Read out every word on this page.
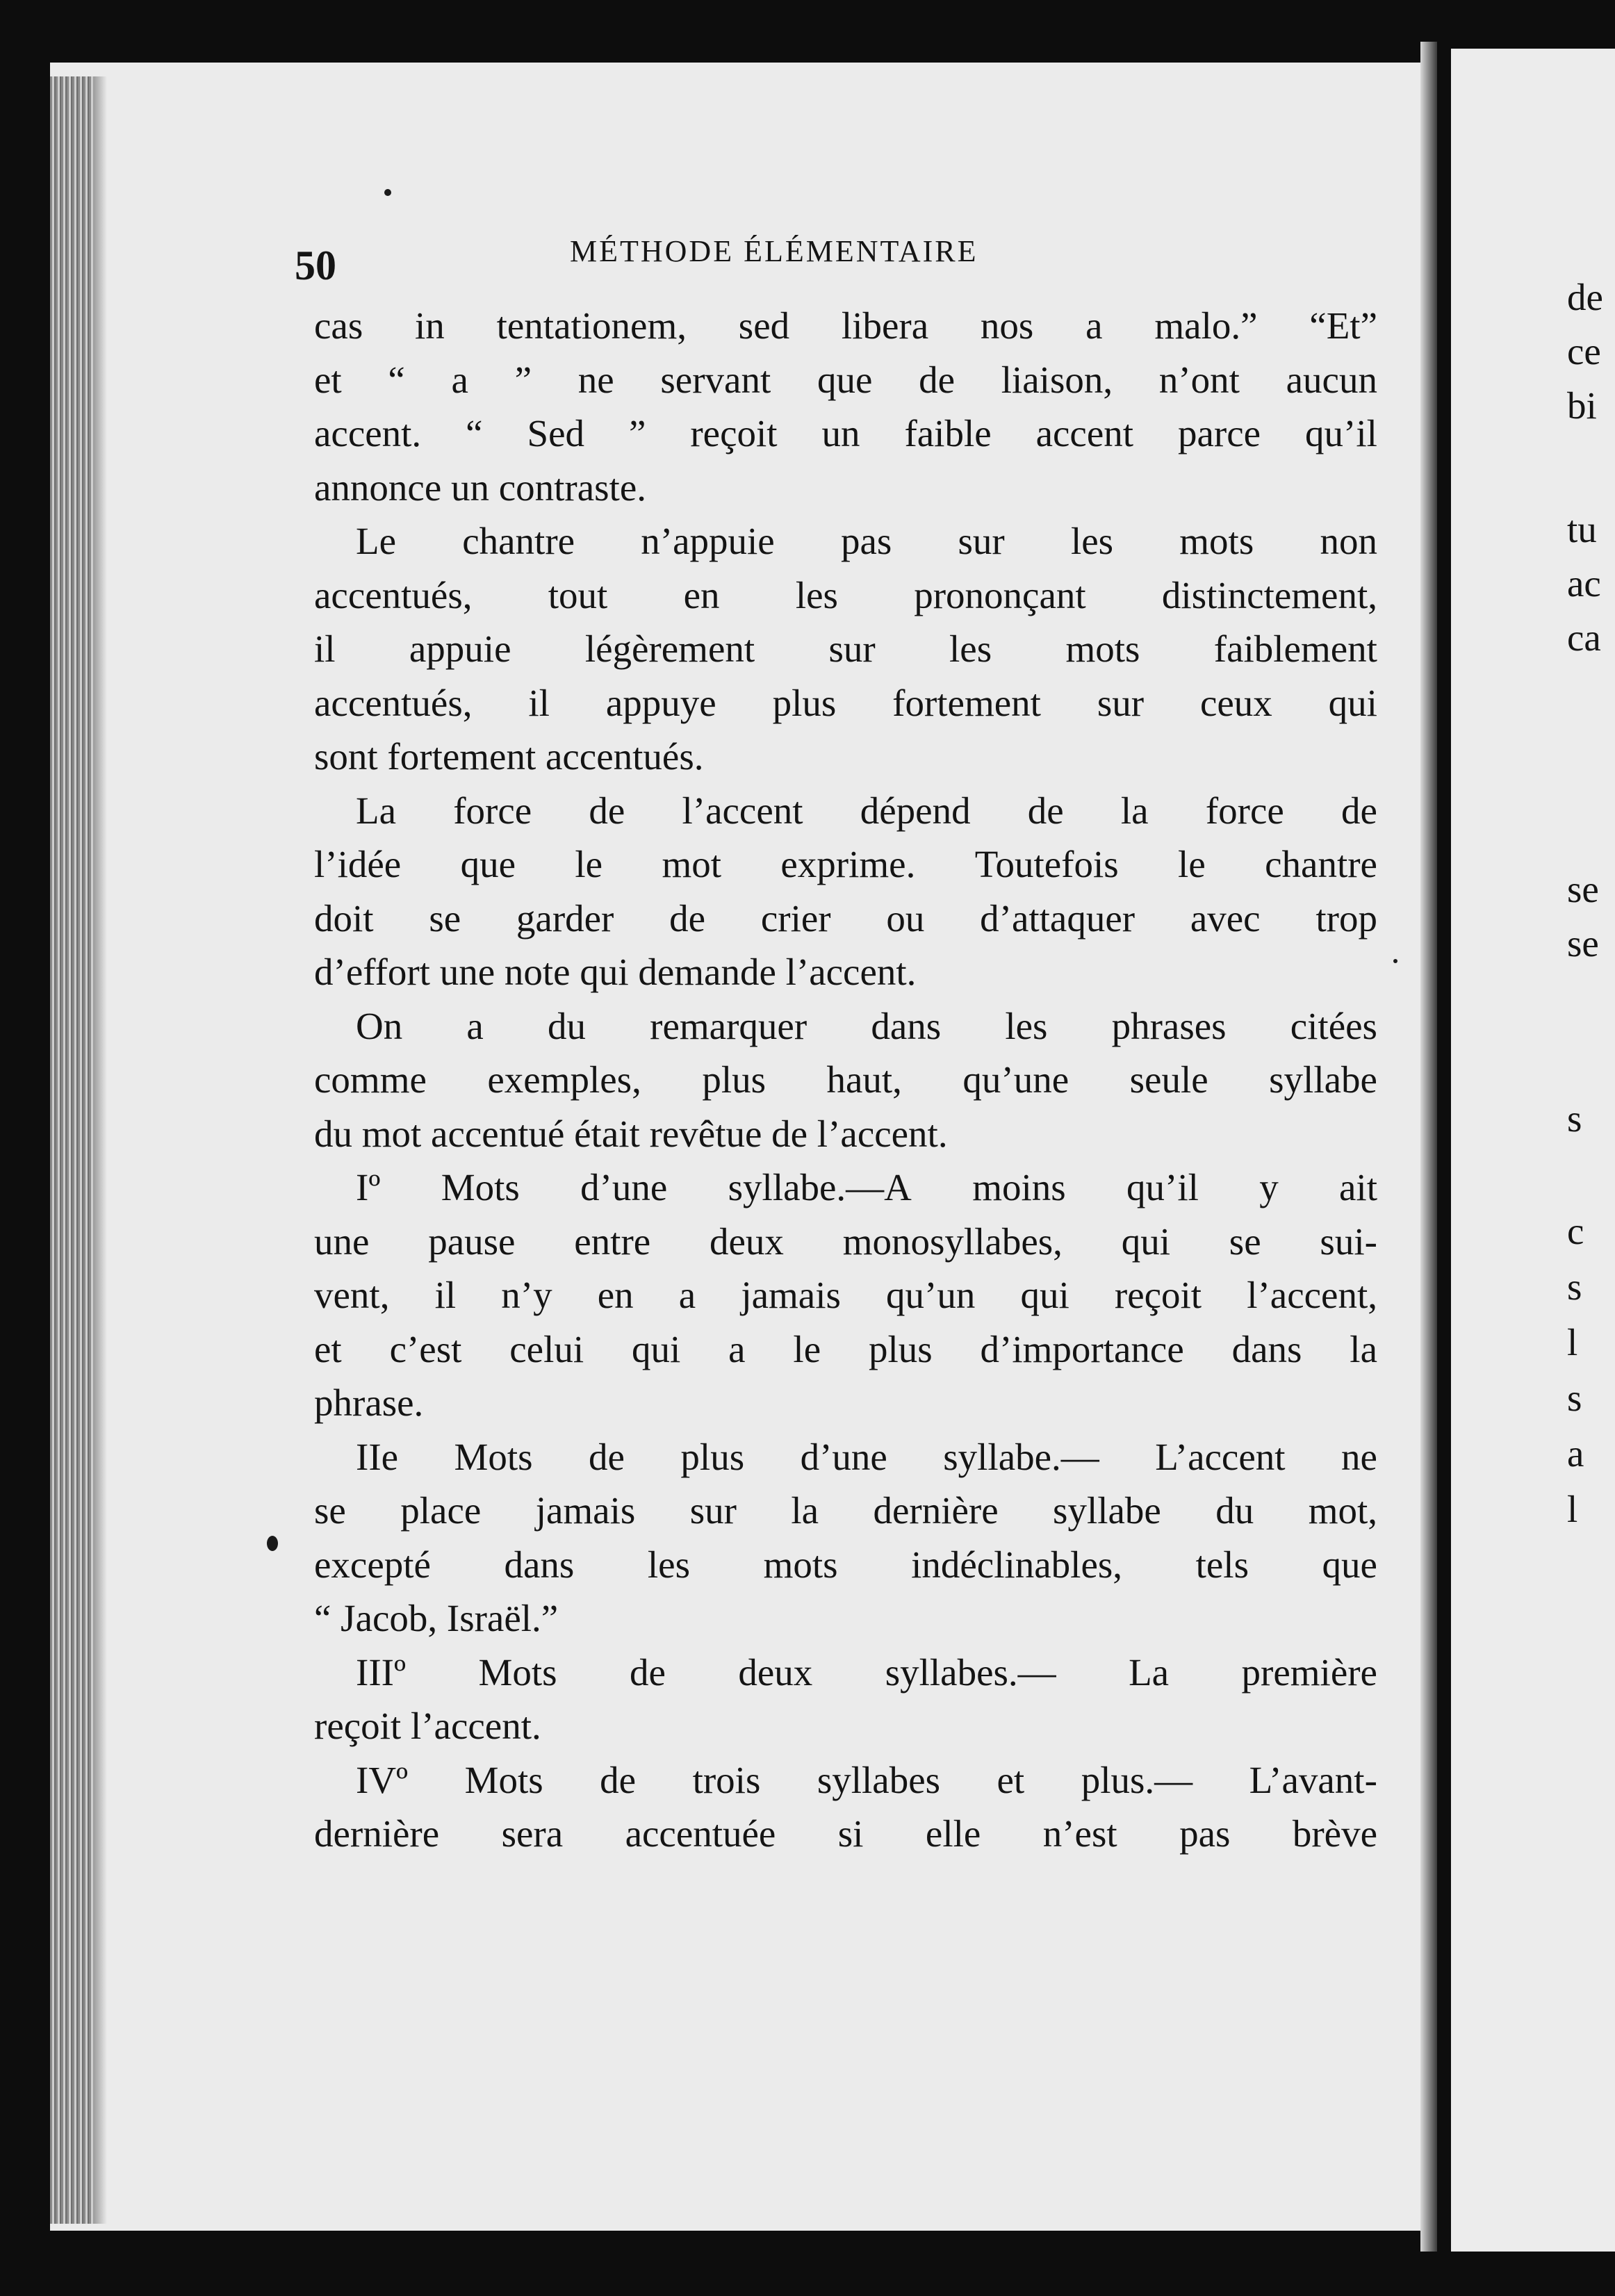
50	MÉTHODE ÉLÉMENTAIRE
cas in tentationem, sed libera nos a malo.” “Et”
et “ a ” ne servant que de liaison, n’ont aucun
accent. “ Sed ” reçoit un faible accent parce qu’il
annonce un contraste.
Le chantre n’appuie pas sur les mots non
accentués, tout en les prononçant distinctement,
il appuie légèrement sur les mots faiblement
accentués, il appuye plus fortement sur ceux qui
sont fortement accentués.
La force de l’accent dépend de la force de
l’idée que le mot exprime. Toutefois le chantre
doit se garder de crier ou d’attaquer avec trop
d’effort une note qui demande l’accent.
On a du remarquer dans les phrases citées
comme exemples, plus haut, qu’une seule syllabe
du mot accentué était revêtue de l’accent.
Iº Mots d’une syllabe.—A moins qu’il y ait
une pause entre deux monosyllabes, qui se sui-
vent, il n’y en a jamais qu’un qui reçoit l’accent,
et c’est celui qui a le plus d’importance dans la
phrase.
IIe Mots de plus d’une syllabe.— L’accent ne
se place jamais sur la dernière syllabe du mot,
excepté dans les mots indéclinables, tels que
“ Jacob, Israël.”
IIIº Mots de deux syllabes.— La première
reçoit l’accent.
IVº Mots de trois syllabes et plus.— L’avant-
dernière sera accentuée si elle n’est pas brève
de
ce
bi
tu
ac
ca
se
se
s
c
s
l
s
a
l
